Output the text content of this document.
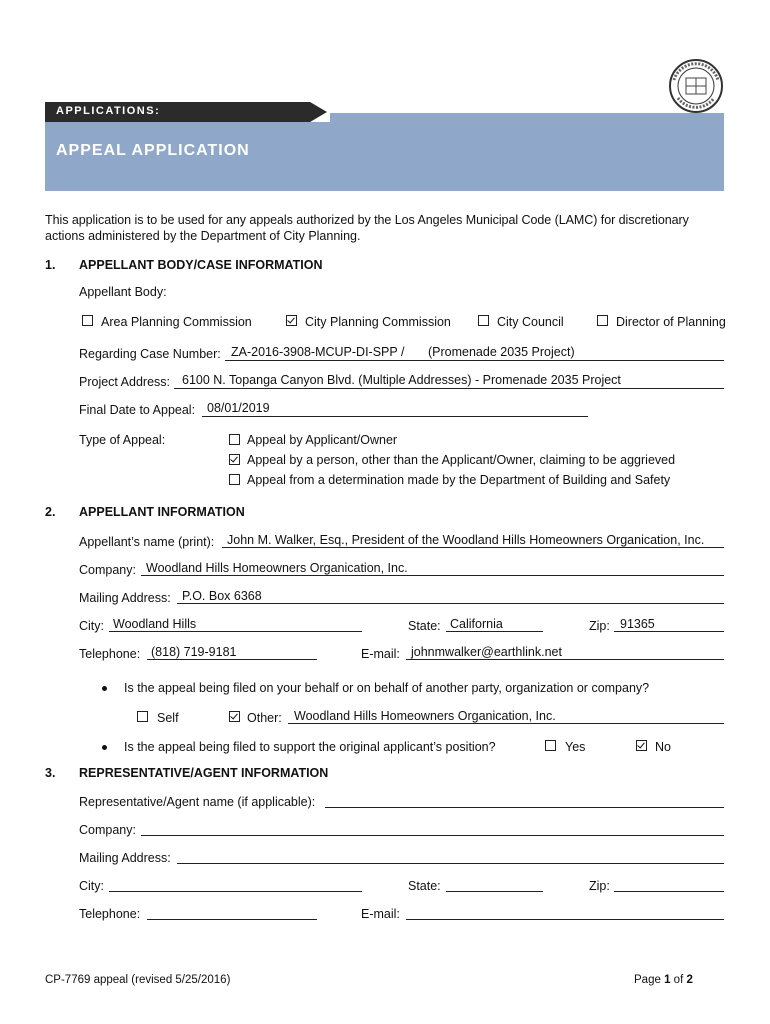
APPLICATIONS:
APPEAL APPLICATION
This application is to be used for any appeals authorized by the Los Angeles Municipal Code (LAMC) for discretionary
actions administered by the Department of City Planning.
1. APPELLANT BODY/CASE INFORMATION
Appellant Body:
Area Planning Commission	City Planning Commission	City Council	Director of Planning
Regarding Case Number: ZA-2016-3908-MCUP-DI-SPP / (Promenade 2035 Project)
Project Address: 6100 N. Topanga Canyon Blvd. (Multiple Addresses) - Promenade 2035 Project
Final Date to Appeal: 08/01/2019
Type of Appeal:	Appeal by Applicant/Owner
Appeal by a person, other than the Applicant/Owner, claiming to be aggrieved
Appeal from a determination made by the Department of Building and Safety
2. APPELLANT INFORMATION
Appellant’s name (print): John M. Walker, Esq., President of the Woodland Hills Homeowners Organication, Inc.
Company: Woodland Hills Homeowners Organication, Inc.
Mailing Address: P.O. Box 6368
City: Woodland Hills	State: California	Zip: 91365
Telephone: (818) 719-9181	E-mail: johnmwalker@earthlink.net
Is the appeal being filed on your behalf or on behalf of another party, organization or company?
Self	Other: Woodland Hills Homeowners Organication, Inc.
Is the appeal being filed to support the original applicant’s position?	Yes	No
3. REPRESENTATIVE/AGENT INFORMATION
Representative/Agent name (if applicable):
Company:
Mailing Address:
City:	State:	Zip:
Telephone:	E-mail:
CP-7769 appeal (revised 5/25/2016)	Page 1 of 2
